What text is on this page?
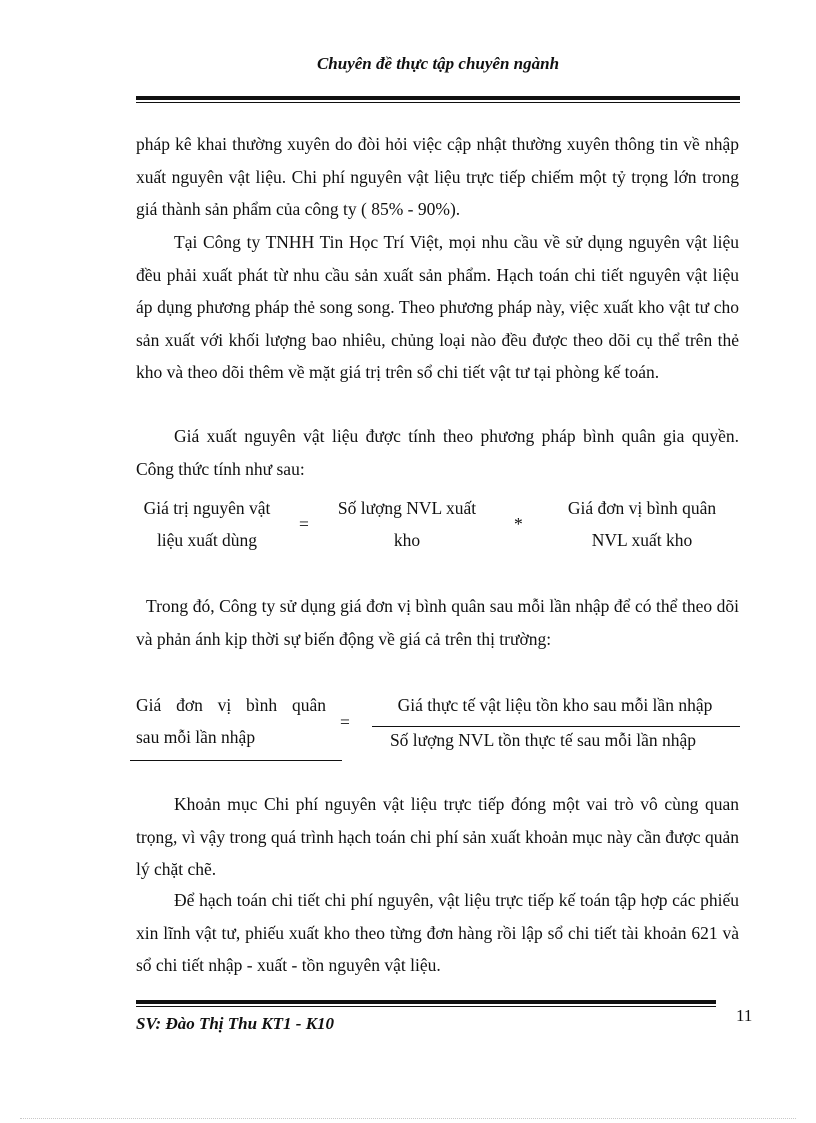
Chuyên đề thực tập chuyên ngành

pháp kê khai thường xuyên do đòi hỏi việc cập nhật thường xuyên thông tin về nhập xuất nguyên vật liệu. Chi phí nguyên vật liệu trực tiếp chiếm một tỷ trọng lớn trong giá thành sản phẩm của công ty ( 85% - 90%).

Tại Công ty TNHH Tin Học Trí Việt, mọi nhu cầu về sử dụng nguyên vật liệu đều phải xuất phát từ nhu cầu sản xuất sản phẩm. Hạch toán chi tiết nguyên vật liệu áp dụng phương pháp thẻ song song. Theo phương pháp này, việc xuất kho vật tư cho sản xuất với khối lượng bao nhiêu, chủng loại nào đều được theo dõi cụ thể trên thẻ kho và theo dõi thêm về mặt giá trị trên sổ chi tiết vật tư tại phòng kế toán.

Giá xuất nguyên vật liệu được tính theo phương pháp bình quân gia quyền. Công thức tính như sau:

Giá trị nguyên vật
liệu xuất dùng
=
Số lượng NVL xuất
kho
*
Giá đơn vị bình quân
NVL xuất kho

Trong đó, Công ty sử dụng giá đơn vị bình quân sau mỗi lần nhập để có thể theo dõi và phản ánh kịp thời sự biến động về giá cả trên thị trường:

Giá đơn vị bình quân
sau mỗi lần nhập
=
Giá thực tế vật liệu tồn kho sau mỗi lần nhập
Số lượng NVL tồn thực tế sau mỗi lần nhập

Khoản mục Chi phí nguyên vật liệu trực tiếp đóng một vai trò vô cùng quan trọng, vì vậy trong quá trình hạch toán chi phí sản xuất khoản mục này cần được quản lý chặt chẽ.

Để hạch toán chi tiết chi phí nguyên, vật liệu trực tiếp kế toán tập hợp các phiếu xin lĩnh vật tư, phiếu xuất kho theo từng đơn hàng rồi lập sổ chi tiết tài khoản 621 và sổ chi tiết nhập - xuất - tồn nguyên vật liệu.

SV: Đào Thị Thu KT1 - K10	11
